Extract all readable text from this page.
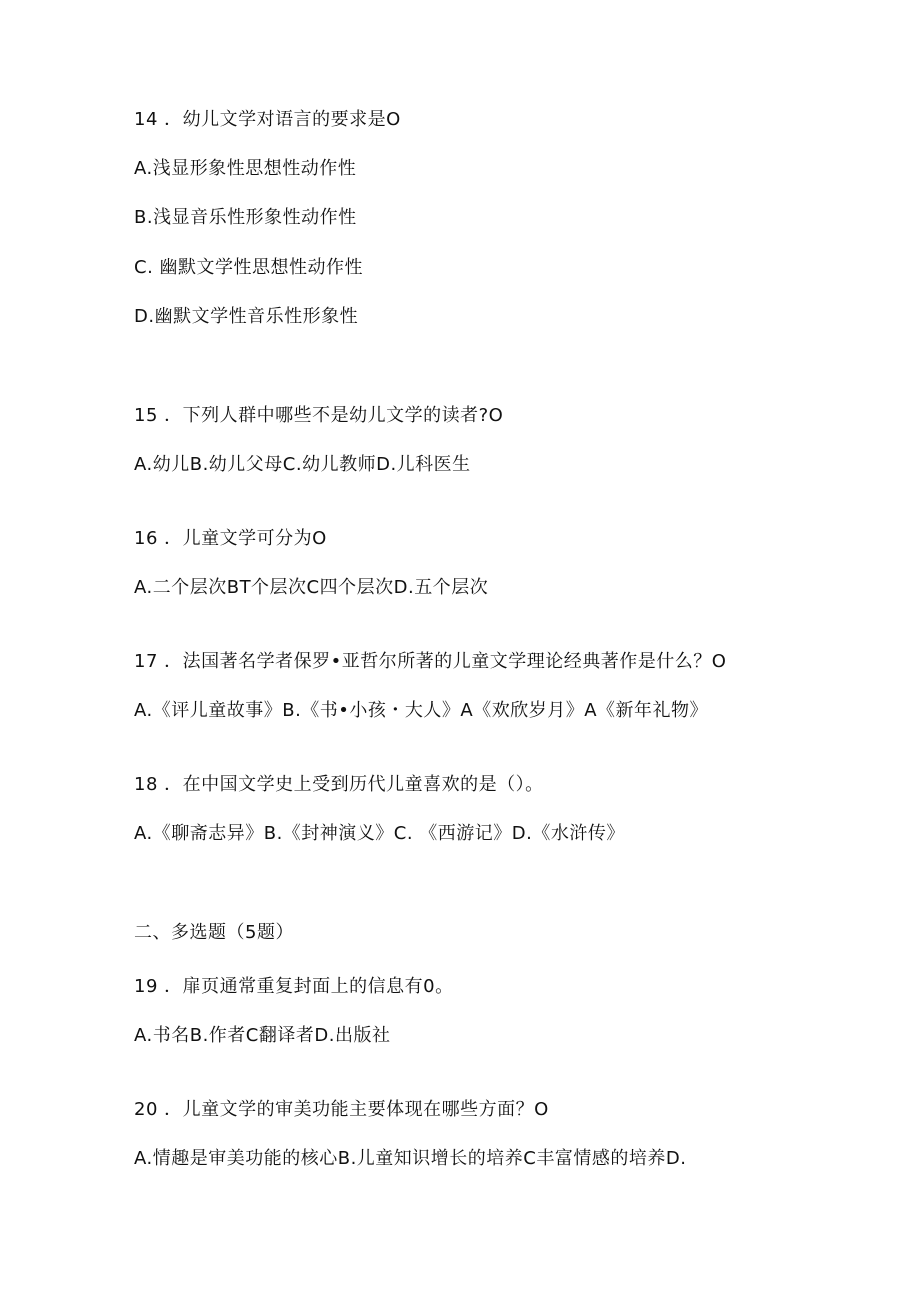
14 ．幼儿文学对语言的要求是O
A.浅显形象性思想性动作性
B.浅显音乐性形象性动作性
C. 幽默文学性思想性动作性
D.幽默文学性音乐性形象性
15 ．下列人群中哪些不是幼儿文学的读者?O
A.幼儿B.幼儿父母C.幼儿教师D.儿科医生
16 ．儿童文学可分为O
A.二个层次BT个层次C四个层次D.五个层次
17 ．法国著名学者保罗•亚哲尔所著的儿童文学理论经典著作是什么？O
A.《评儿童故事》B.《书•小孩・大人》A《欢欣岁月》A《新年礼物》
18 ．在中国文学史上受到历代儿童喜欢的是（）。
A.《聊斋志异》B.《封神演义》C. 《西游记》D.《水浒传》
二、多选题（5题）
19 ．扉页通常重复封面上的信息有0。
A.书名B.作者C翻译者D.出版社
20 ．儿童文学的审美功能主要体现在哪些方面？O
A.情趣是审美功能的核心B.儿童知识增长的培养C丰富情感的培养D.
